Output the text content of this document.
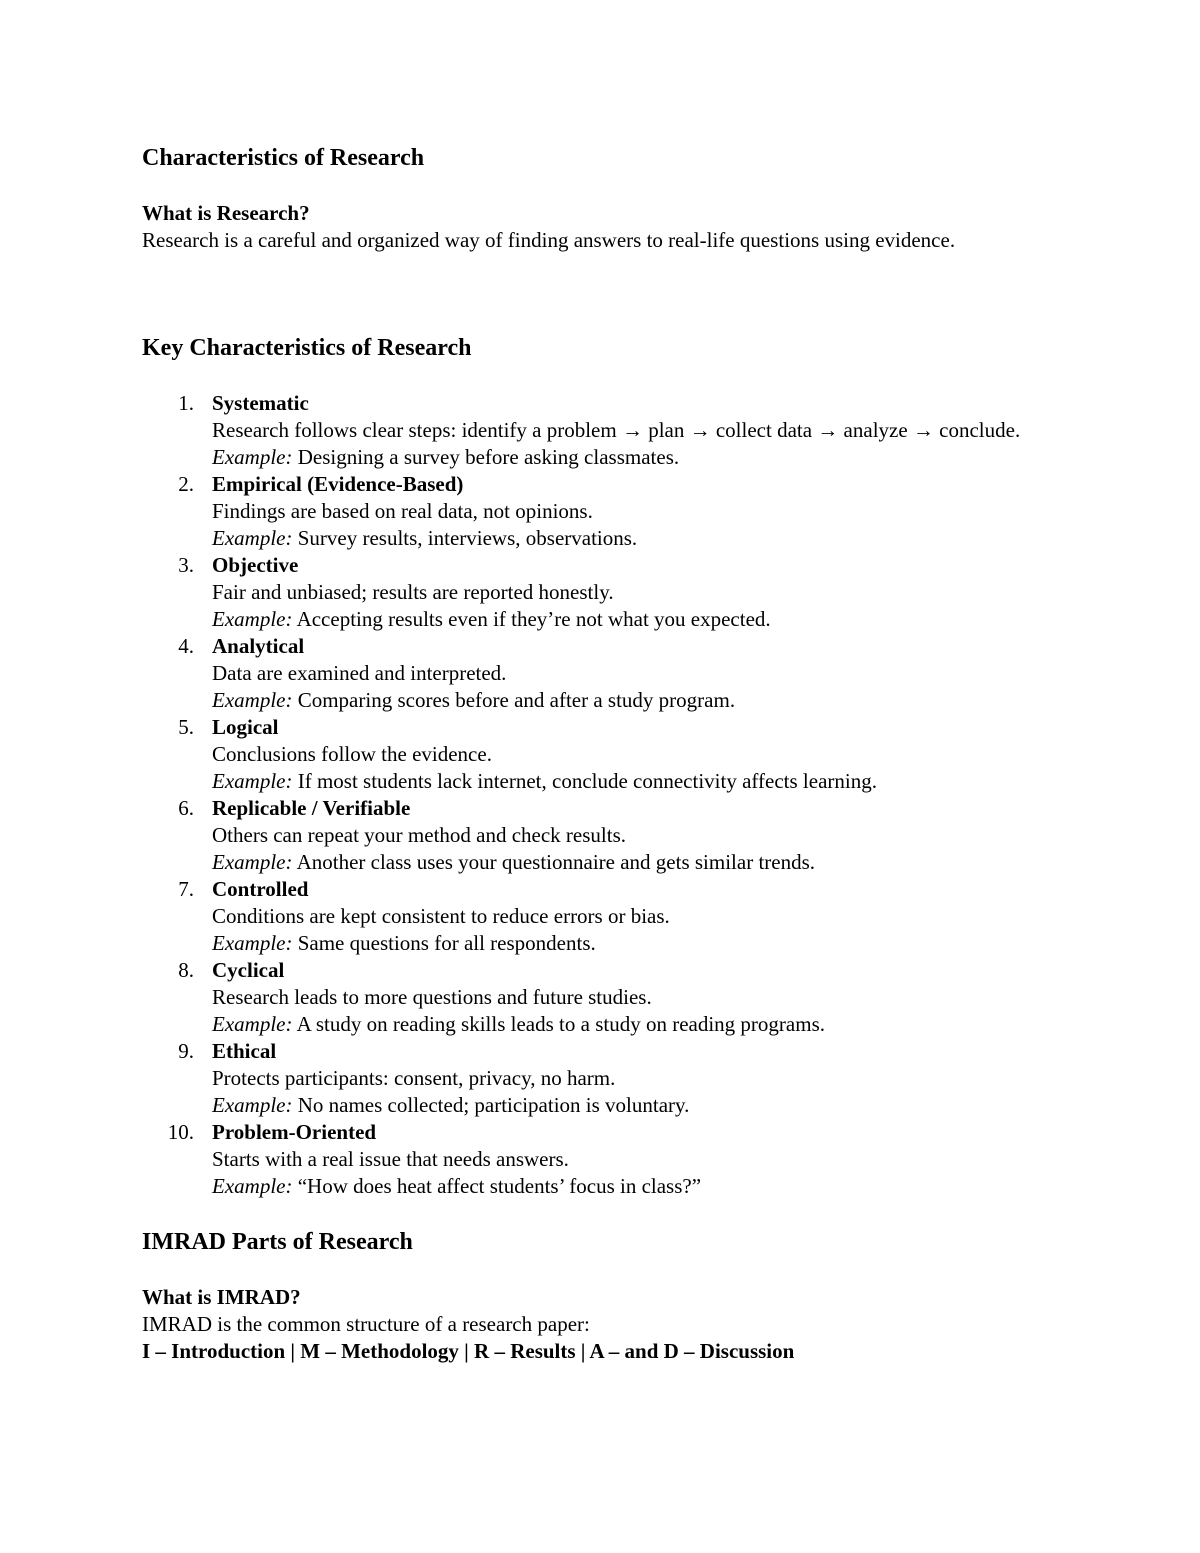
Characteristics of Research
What is Research?
Research is a careful and organized way of finding answers to real-life questions using evidence.
Key Characteristics of Research
1. Systematic
Research follows clear steps: identify a problem → plan → collect data → analyze → conclude.
Example: Designing a survey before asking classmates.
2. Empirical (Evidence-Based)
Findings are based on real data, not opinions.
Example: Survey results, interviews, observations.
3. Objective
Fair and unbiased; results are reported honestly.
Example: Accepting results even if they’re not what you expected.
4. Analytical
Data are examined and interpreted.
Example: Comparing scores before and after a study program.
5. Logical
Conclusions follow the evidence.
Example: If most students lack internet, conclude connectivity affects learning.
6. Replicable / Verifiable
Others can repeat your method and check results.
Example: Another class uses your questionnaire and gets similar trends.
7. Controlled
Conditions are kept consistent to reduce errors or bias.
Example: Same questions for all respondents.
8. Cyclical
Research leads to more questions and future studies.
Example: A study on reading skills leads to a study on reading programs.
9. Ethical
Protects participants: consent, privacy, no harm.
Example: No names collected; participation is voluntary.
10. Problem-Oriented
Starts with a real issue that needs answers.
Example: “How does heat affect students’ focus in class?”
IMRAD Parts of Research
What is IMRAD?
IMRAD is the common structure of a research paper:
I – Introduction | M – Methodology | R – Results | A – and D – Discussion
